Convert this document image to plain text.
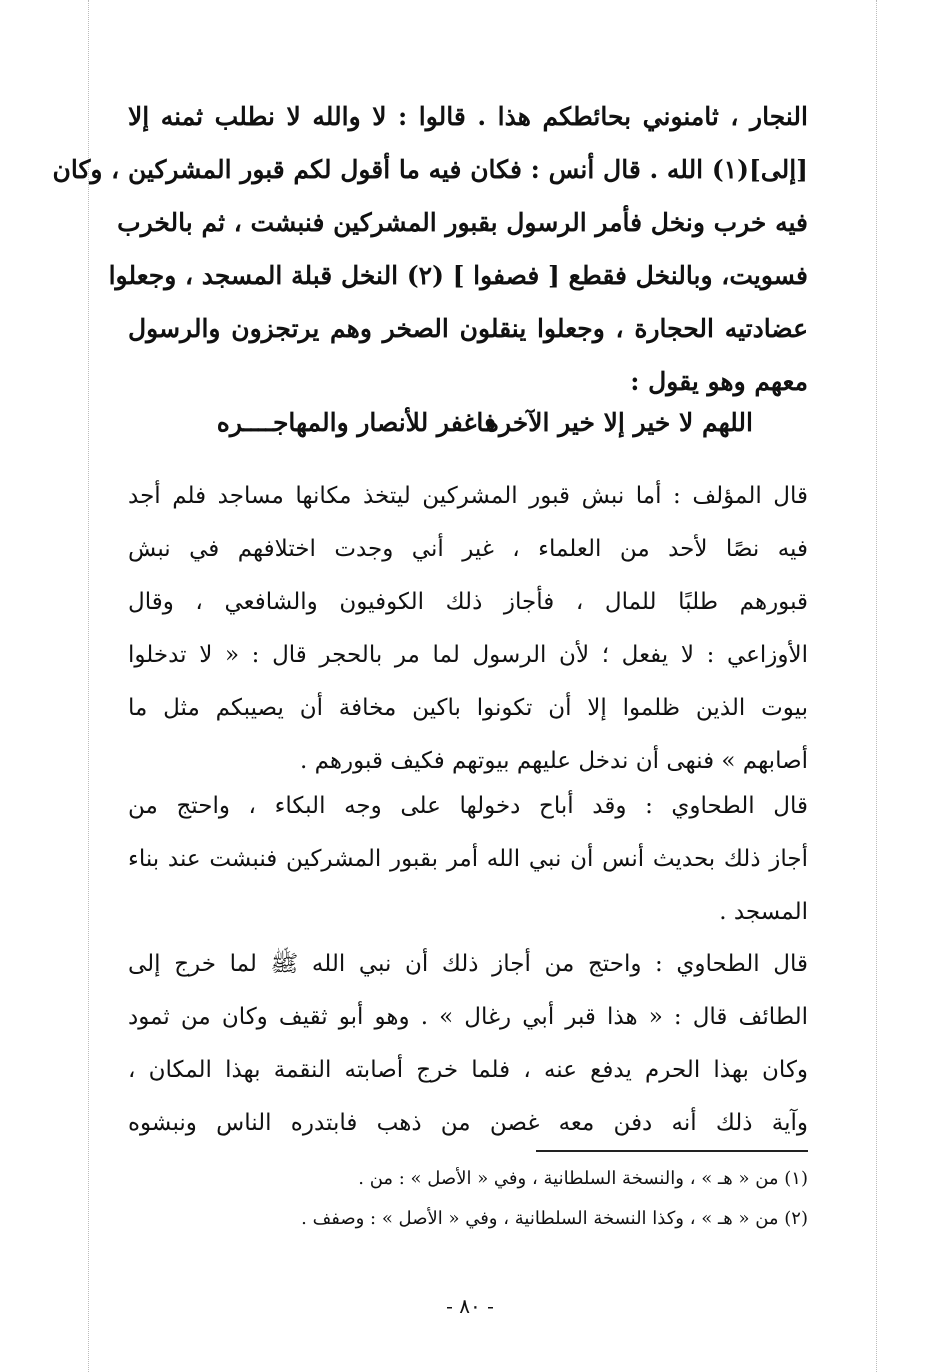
النجار ، ثامنوني بحائطكم هذا . قالوا : لا والله لا نطلب ثمنه إلا
[إلى](١) الله . قال أنس : فكان فيه ما أقول لكم قبور المشركين ، وكان
فيه خرب ونخل فأمر الرسول بقبور المشركين فنبشت ، ثم بالخرب
فسويت، وبالنخل فقطع [ فصفوا ] (٢) النخل قبلة المسجد ، وجعلوا
عضادتيه الحجارة ، وجعلوا ينقلون الصخر وهم يرتجزون والرسول
معهم وهو يقول :
اللهم لا خير إلا خير الآخره
فاغفر للأنصار والمهاجــــره
قال المؤلف : أما نبش قبور المشركين ليتخذ مكانها مساجد فلم أجد
فيه نصًا لأحد من العلماء ، غير أني وجدت اختلافهم في نبش
قبورهم طلبًا للمال ، فأجاز ذلك الكوفيون والشافعي ، وقال
الأوزاعي : لا يفعل ؛ لأن الرسول لما مر بالحجر قال : « لا تدخلوا
بيوت الذين ظلموا إلا أن تكونوا باكين مخافة أن يصيبكم مثل ما
أصابهم » فنهى أن ندخل عليهم بيوتهم فكيف قبورهم .
قال الطحاوي : وقد أباح دخولها على وجه البكاء ، واحتج من
أجاز ذلك بحديث أنس أن نبي الله أمر بقبور المشركين فنبشت عند بناء
المسجد .
قال الطحاوي : واحتج من أجاز ذلك أن نبي الله ﷺ لما خرج إلى
الطائف قال : « هذا قبر أبي رغال » . وهو أبو ثقيف وكان من ثمود
وكان بهذا الحرم يدفع عنه ، فلما خرج أصابته النقمة بهذا المكان ،
وآية ذلك أنه دفن معه غصن من ذهب فابتدره الناس ونبشوه
(١) من « هـ » ، والنسخة السلطانية ، وفي « الأصل » : من .
(٢) من « هـ » ، وكذا النسخة السلطانية ، وفي « الأصل » : وصفف .
- ٨٠ -
